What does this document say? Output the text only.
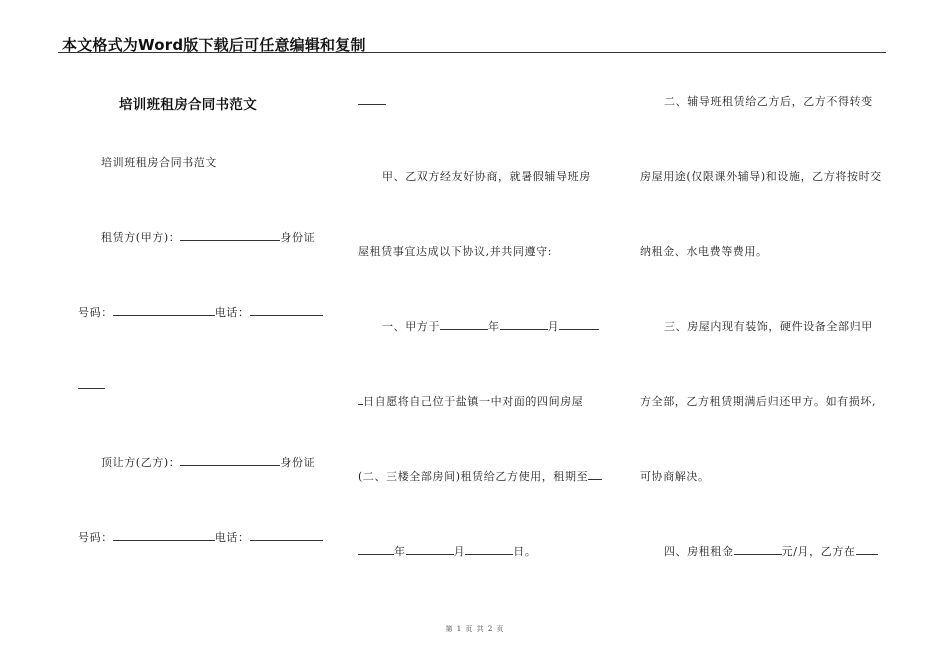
本文格式为Word版下载后可任意编辑和复制
培训班租房合同书范文
培训班租房合同书范文
租赁方(甲方)：	身份证
号码：	电话：
顶让方(乙方)：	身份证
号码：	电话：
甲、乙双方经友好协商，就暑假辅导班房
屋租赁事宜达成以下协议,并共同遵守:
一、甲方于	年	月
日自愿将自己位于盐镇一中对面的四间房屋
(二、三楼全部房间)租赁给乙方使用，租期至
年	月	日。
二、辅导班租赁给乙方后，乙方不得转变
房屋用途(仅限课外辅导)和设施，乙方将按时交
纳租金、水电费等费用。
三、房屋内现有装饰，硬件设备全部归甲
方全部，乙方租赁期满后归还甲方。如有损坏,
可协商解决。
四、房租租金	元/月，乙方在
第 1 页 共 2 页
